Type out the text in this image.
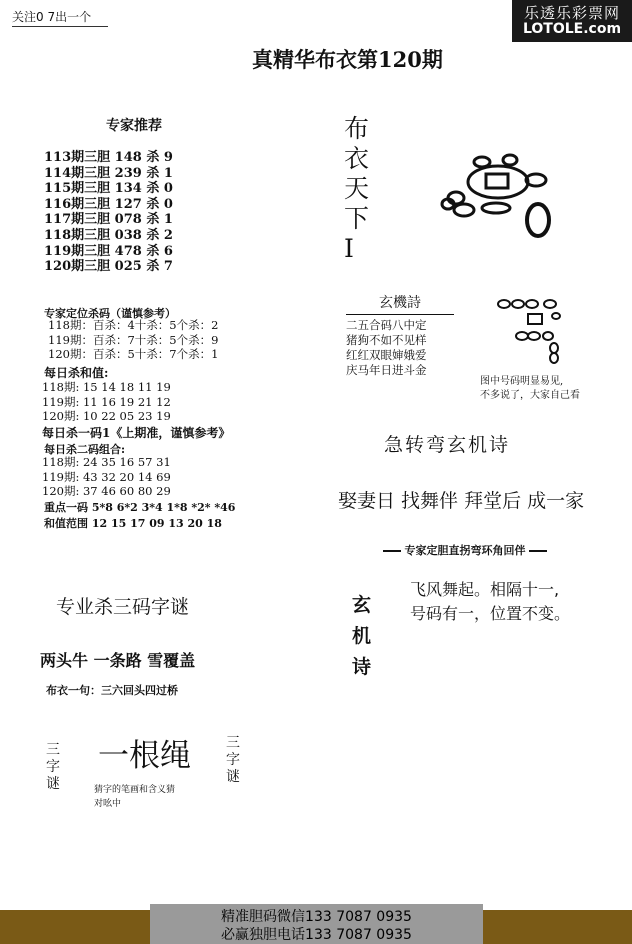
关注0 7出一个	乐透乐彩票网
LOTOLE.com
真精华布衣第120期
专家推荐
113期三胆 148 杀 9
114期三胆 239 杀 1
115期三胆 134 杀 0
116期三胆 127 杀 0
117期三胆 078 杀 1
118期三胆 038 杀 2
119期三胆 478 杀 6
120期三胆 025 杀 7
专家定位杀码（谨慎参考）
118期：百杀：4十杀：5个杀：2
119期：百杀：7十杀：5个杀：9
120期：百杀：5十杀：7个杀：1
每日杀和值:
118期: 15 14 18 11 19
119期: 11 16 19 21 12
120期: 10 22 05 23 19
每日杀一码1《上期准，谨慎参考》
每日杀二码组合:
118期: 24 35 16 57 31
119期: 43 32 20 14 69
120期: 37 46 60 80 29
重点一码 5*8 6*2 3*4 1*8 *2* *46
和值范围 12 15 17 09 13 20 18
专业杀三码字谜
两头牛 一条路 雪覆盖
布衣一句：三六回头四过桥
三字谜
三字谜
一根绳
猜字的笔画和含义猜
对吆中
布衣天下Ⅰ
玄機詩
二五合码八中定
猪狗不如不见样
红红双眼婶娥爱
庆马年日进斗金
图中号码明显易见,
不多说了，大家自己看
急转弯玄机诗
娶妻日 找舞伴 拜堂后 成一家
专家定胆直拐弯环角回伴
玄机诗
飞风舞起。相隔十一,
号码有一，位置不变。
精准胆码微信133 7087 0935
必赢独胆电话133 7087 0935
